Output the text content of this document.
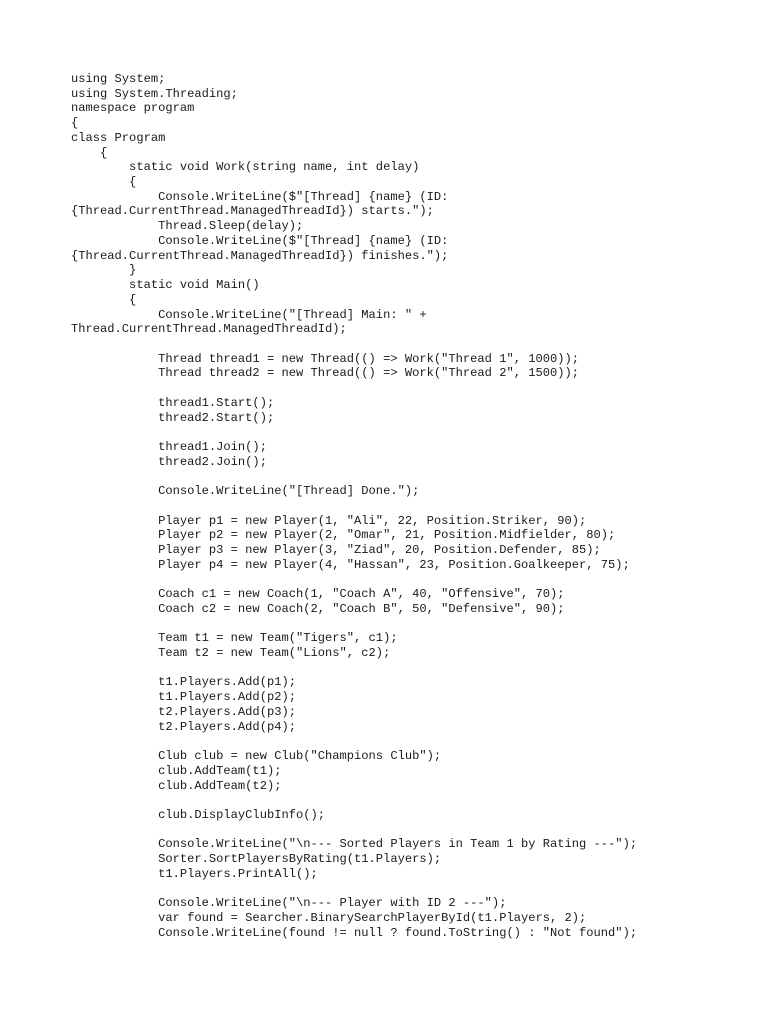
using System;
using System.Threading;
namespace program
{
class Program
{
static void Work(string name, int delay)
{
Console.WriteLine($"[Thread] {name} (ID:
{Thread.CurrentThread.ManagedThreadId}) starts.");
Thread.Sleep(delay);
Console.WriteLine($"[Thread] {name} (ID:
{Thread.CurrentThread.ManagedThreadId}) finishes.");
}
static void Main()
{
Console.WriteLine("[Thread] Main: " +
Thread.CurrentThread.ManagedThreadId);
Thread thread1 = new Thread(() => Work("Thread 1", 1000));
Thread thread2 = new Thread(() => Work("Thread 2", 1500));
thread1.Start();
thread2.Start();
thread1.Join();
thread2.Join();
Console.WriteLine("[Thread] Done.");
Player p1 = new Player(1, "Ali", 22, Position.Striker, 90);
Player p2 = new Player(2, "Omar", 21, Position.Midfielder, 80);
Player p3 = new Player(3, "Ziad", 20, Position.Defender, 85);
Player p4 = new Player(4, "Hassan", 23, Position.Goalkeeper, 75);
Coach c1 = new Coach(1, "Coach A", 40, "Offensive", 70);
Coach c2 = new Coach(2, "Coach B", 50, "Defensive", 90);
Team t1 = new Team("Tigers", c1);
Team t2 = new Team("Lions", c2);
t1.Players.Add(p1);
t1.Players.Add(p2);
t2.Players.Add(p3);
t2.Players.Add(p4);
Club club = new Club("Champions Club");
club.AddTeam(t1);
club.AddTeam(t2);
club.DisplayClubInfo();
Console.WriteLine("\n--- Sorted Players in Team 1 by Rating ---");
Sorter.SortPlayersByRating(t1.Players);
t1.Players.PrintAll();
Console.WriteLine("\n--- Player with ID 2 ---");
var found = Searcher.BinarySearchPlayerById(t1.Players, 2);
Console.WriteLine(found != null ? found.ToString() : "Not found");
